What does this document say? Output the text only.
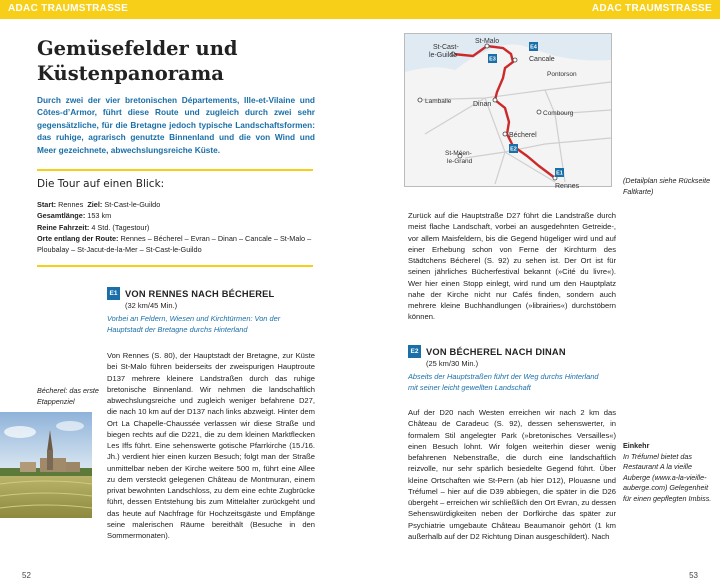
ADAC TRAUMSTRASSE
Gemüsefelder und Küstenpanorama

Durch zwei der vier bretonischen Départements, Ille-et-Vilaine und Côtes-d’Armor, führt diese Route und zugleich durch zwei sehr gegensätzliche, für die Bretagne jedoch typische Landschaftsformen: das ruhige, agrarisch genutzte Binnenland und die von Wind und Meer gezeichnete, abwechslungsreiche Küste.

Die Tour auf einen Blick:
Start: Rennes Ziel: St-Cast-le-Guildo
Gesamtlänge: 153 km
Reine Fahrzeit: 4 Std. (Tagestour)
Orte entlang der Route: Rennes – Bécherel – Evran – Dinan – Cancale – St-Malo – Ploubalay – St-Jacut-de-la-Mer – St-Cast-le-Guildo
E1 VON RENNES NACH BÉCHEREL
(32 km/45 Min.)
Vorbei an Feldern, Wiesen und Kirchtürmen: Von der Hauptstadt der Bretagne durchs Hinterland
Von Rennes (S. 80), der Hauptstadt der Bretagne, zur Küste bei St-Malo führen beiderseits der zweispurigen Hauptroute D137 mehrere kleinere Landstraßen durch das ruhige bretonische Binnenland. Wir nehmen die landschaftlich abwechslungsreiche und zugleich weniger befahrene D27, die nach 10 km auf der D137 nach links abzweigt. Hinter dem Ort La Chapelle-Chaussée verlassen wir diese Straße und biegen rechts auf die D221, die zu dem kleinen Marktflecken Les Iffs führt. Eine sehenswerte gotische Pfarrkirche (15./16. Jh.) verdient hier einen kurzen Besuch; folgt man der Straße unmittelbar neben der Kirche weitere 500 m, führt eine Allee zu dem versteckt gelegenen Château de Montmuran, einem privat bewohnten Landschloss, zu dem eine echte Zugbrücke führt, dessen Entstehung bis zum Mittelalter zurückgeht und das heute auf Nachfrage für Hochzeitsgäste und Empfänge seine malerischen Räume bereithält (Besuche in den Sommermonaten).
Bécherel: das erste Etappenziel
52
ADAC TRAUMSTRASSE
53
E4
E3
E2
E1
St-Cast-
le-Guildo
St-Malo
Cancale
Pontorson
Lamballe	Dinan
Combourg
Bécherel
St-Méen-
le-Grand
Rennes
(Detailplan siehe Rückseite Faltkarte)
Zurück auf die Hauptstraße D27 führt die Landstraße durch meist flache Landschaft, vorbei an ausgedehnten Getreide-, vor allem Maisfeldern, bis die Gegend hügeliger wird und auf einer Erhebung schon von Ferne der Kirchturm des Städtchens Bécherel (S. 92) zu sehen ist. Der Ort ist für seinen jährliches Bücherfestival bekannt (»Cité du livre«). Wer hier einen Stopp einlegt, wird rund um den Hauptplatz nahe der Kirche nicht nur Cafés finden, sondern auch mehrere kleine Buchhandlungen (»librairies«) durchstöbern können.
E2 VON BÉCHEREL NACH DINAN
(25 km/30 Min.)
Abseits der Hauptstraßen führt der Weg durchs Hinterland mit seiner leicht gewellten Landschaft
Auf der D20 nach Westen erreichen wir nach 2 km das Château de Caradeuc (S. 92), dessen sehenswerter, in formalem Stil angelegter Park (»bretonisches Versailles«) einen Besuch lohnt. Wir folgen weiterhin dieser wenig befahrenen Nebenstraße, die durch eine landschaftlich reizvolle, nur sehr spärlich besiedelte Gegend führt. Über kleine Ortschaften wie St-Pern (ab hier D12), Plouasne und Tréfumel – hier auf die D39 abbiegen, die später in die D26 übergeht – erreichen wir schließlich den Ort Evran, zu dessen Sehenswürdigkeiten neben der Dorfkirche das später zur Psychiatrie umgebaute Château Beaumanoir gehört (1 km außerhalb auf der D2 Richtung Dinan ausgeschildert). Nach
Einkehr
In Tréfumel bietet das Restaurant A la vieille Auberge (www.a-la-vieille-auberge.com) Gelegenheit für einen gepflegten Imbiss.
